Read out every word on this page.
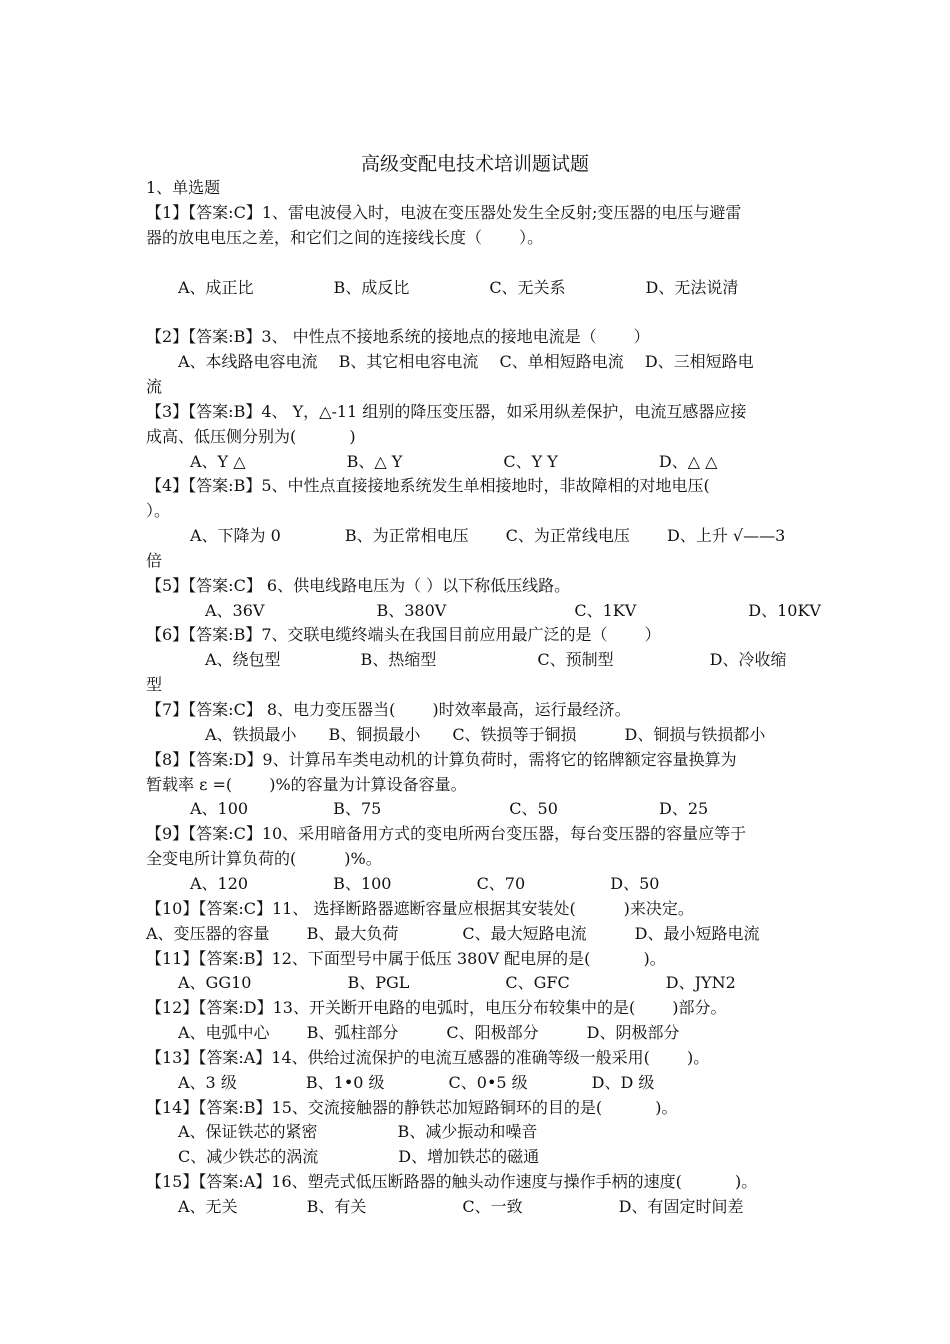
高级变配电技术培训题试题
1、单选题
【1】【答案:C】1、雷电波侵入时，电波在变压器处发生全反射;变压器的电压与避雷
器的放电电压之差，和它们之间的连接线长度（　　 ）。
A、成正比　　　　　B、成反比　　　　　C、无关系　　　　　D、无法说清
【2】【答案:B】3、 中性点不接地系统的接地点的接地电流是（　　 ）
A、本线路电容电流　 B、其它相电容电流　 C、单相短路电流　 D、三相短路电
流
【3】【答案:B】4、 Y，△-11 组别的降压变压器，如采用纵差保护，电流互感器应接
成高、低压侧分别为(　　　 )
A、Y △　　　　　　 B、△ Y　　　　　　 C、Y Y　　　　　　 D、△ △
【4】【答案:B】5、中性点直接接地系统发生单相接地时，非故障相的对地电压(
）。
A、下降为 0　　　　B、为正常相电压　　 C、为正常线电压　　 D、上升 √——3
倍
【5】【答案:C】 6、供电线路电压为（ ）以下称低压线路。
A、36V　　　　　　　B、380V　　　　　　　　C、1KV　　　　　　　D、10KV
【6】【答案:B】7、交联电缆终端头在我国目前应用最广泛的是（　　 ）
A、绕包型　　　　　B、热缩型　　　　　　 C、预制型　　　　　　D、冷收缩
型
【7】【答案:C】 8、电力变压器当(　　 )时效率最高，运行最经济。
A、铁损最小　　B、铜损最小　　C、铁损等于铜损　　　D、铜损与铁损都小
【8】【答案:D】9、计算吊车类电动机的计算负荷时，需将它的铭牌额定容量换算为
暂载率 ε =(　　 )%的容量为计算设备容量。
A、100　　　　　 B、75　　　　　　　　C、50　　　　　　 D、25
【9】【答案:C】10、采用暗备用方式的变电所两台变压器，每台变压器的容量应等于
全变电所计算负荷的(　　　)%。
A、120　　　　　 B、100　　　　　 C、70　　　　　 D、50
【10】【答案:C】11、 选择断路器遮断容量应根据其安装处(　　　)来决定。
A、变压器的容量　　 B、最大负荷　　　　C、最大短路电流　　　D、最小短路电流
【11】【答案:B】12、下面型号中属于低压 380V 配电屏的是(　　　 )。
A、GG10　　　　　　B、PGL　　　　　　C、GFC　　　　　　D、JYN2
【12】【答案:D】13、开关断开电路的电弧时，电压分布较集中的是(　　 )部分。
A、电弧中心　　 B、弧柱部分　　　C、阳极部分　　　D、阴极部分
【13】【答案:A】14、供给过流保护的电流互感器的准确等级一般采用(　　 )。
A、3 级　　　　 B、1•0 级　　　　C、0•5 级　　　　D、D 级
【14】【答案:B】15、交流接触器的静铁芯加短路铜环的目的是(　　　 )。
A、保证铁芯的紧密　　　　　B、减少振动和噪音
C、减少铁芯的涡流　　　　　D、增加铁芯的磁通
【15】【答案:A】16、塑壳式低压断路器的触头动作速度与操作手柄的速度(　　　 )。
A、无关　　　　 B、有关　　　　　　C、一致　　　　　　D、有固定时间差
